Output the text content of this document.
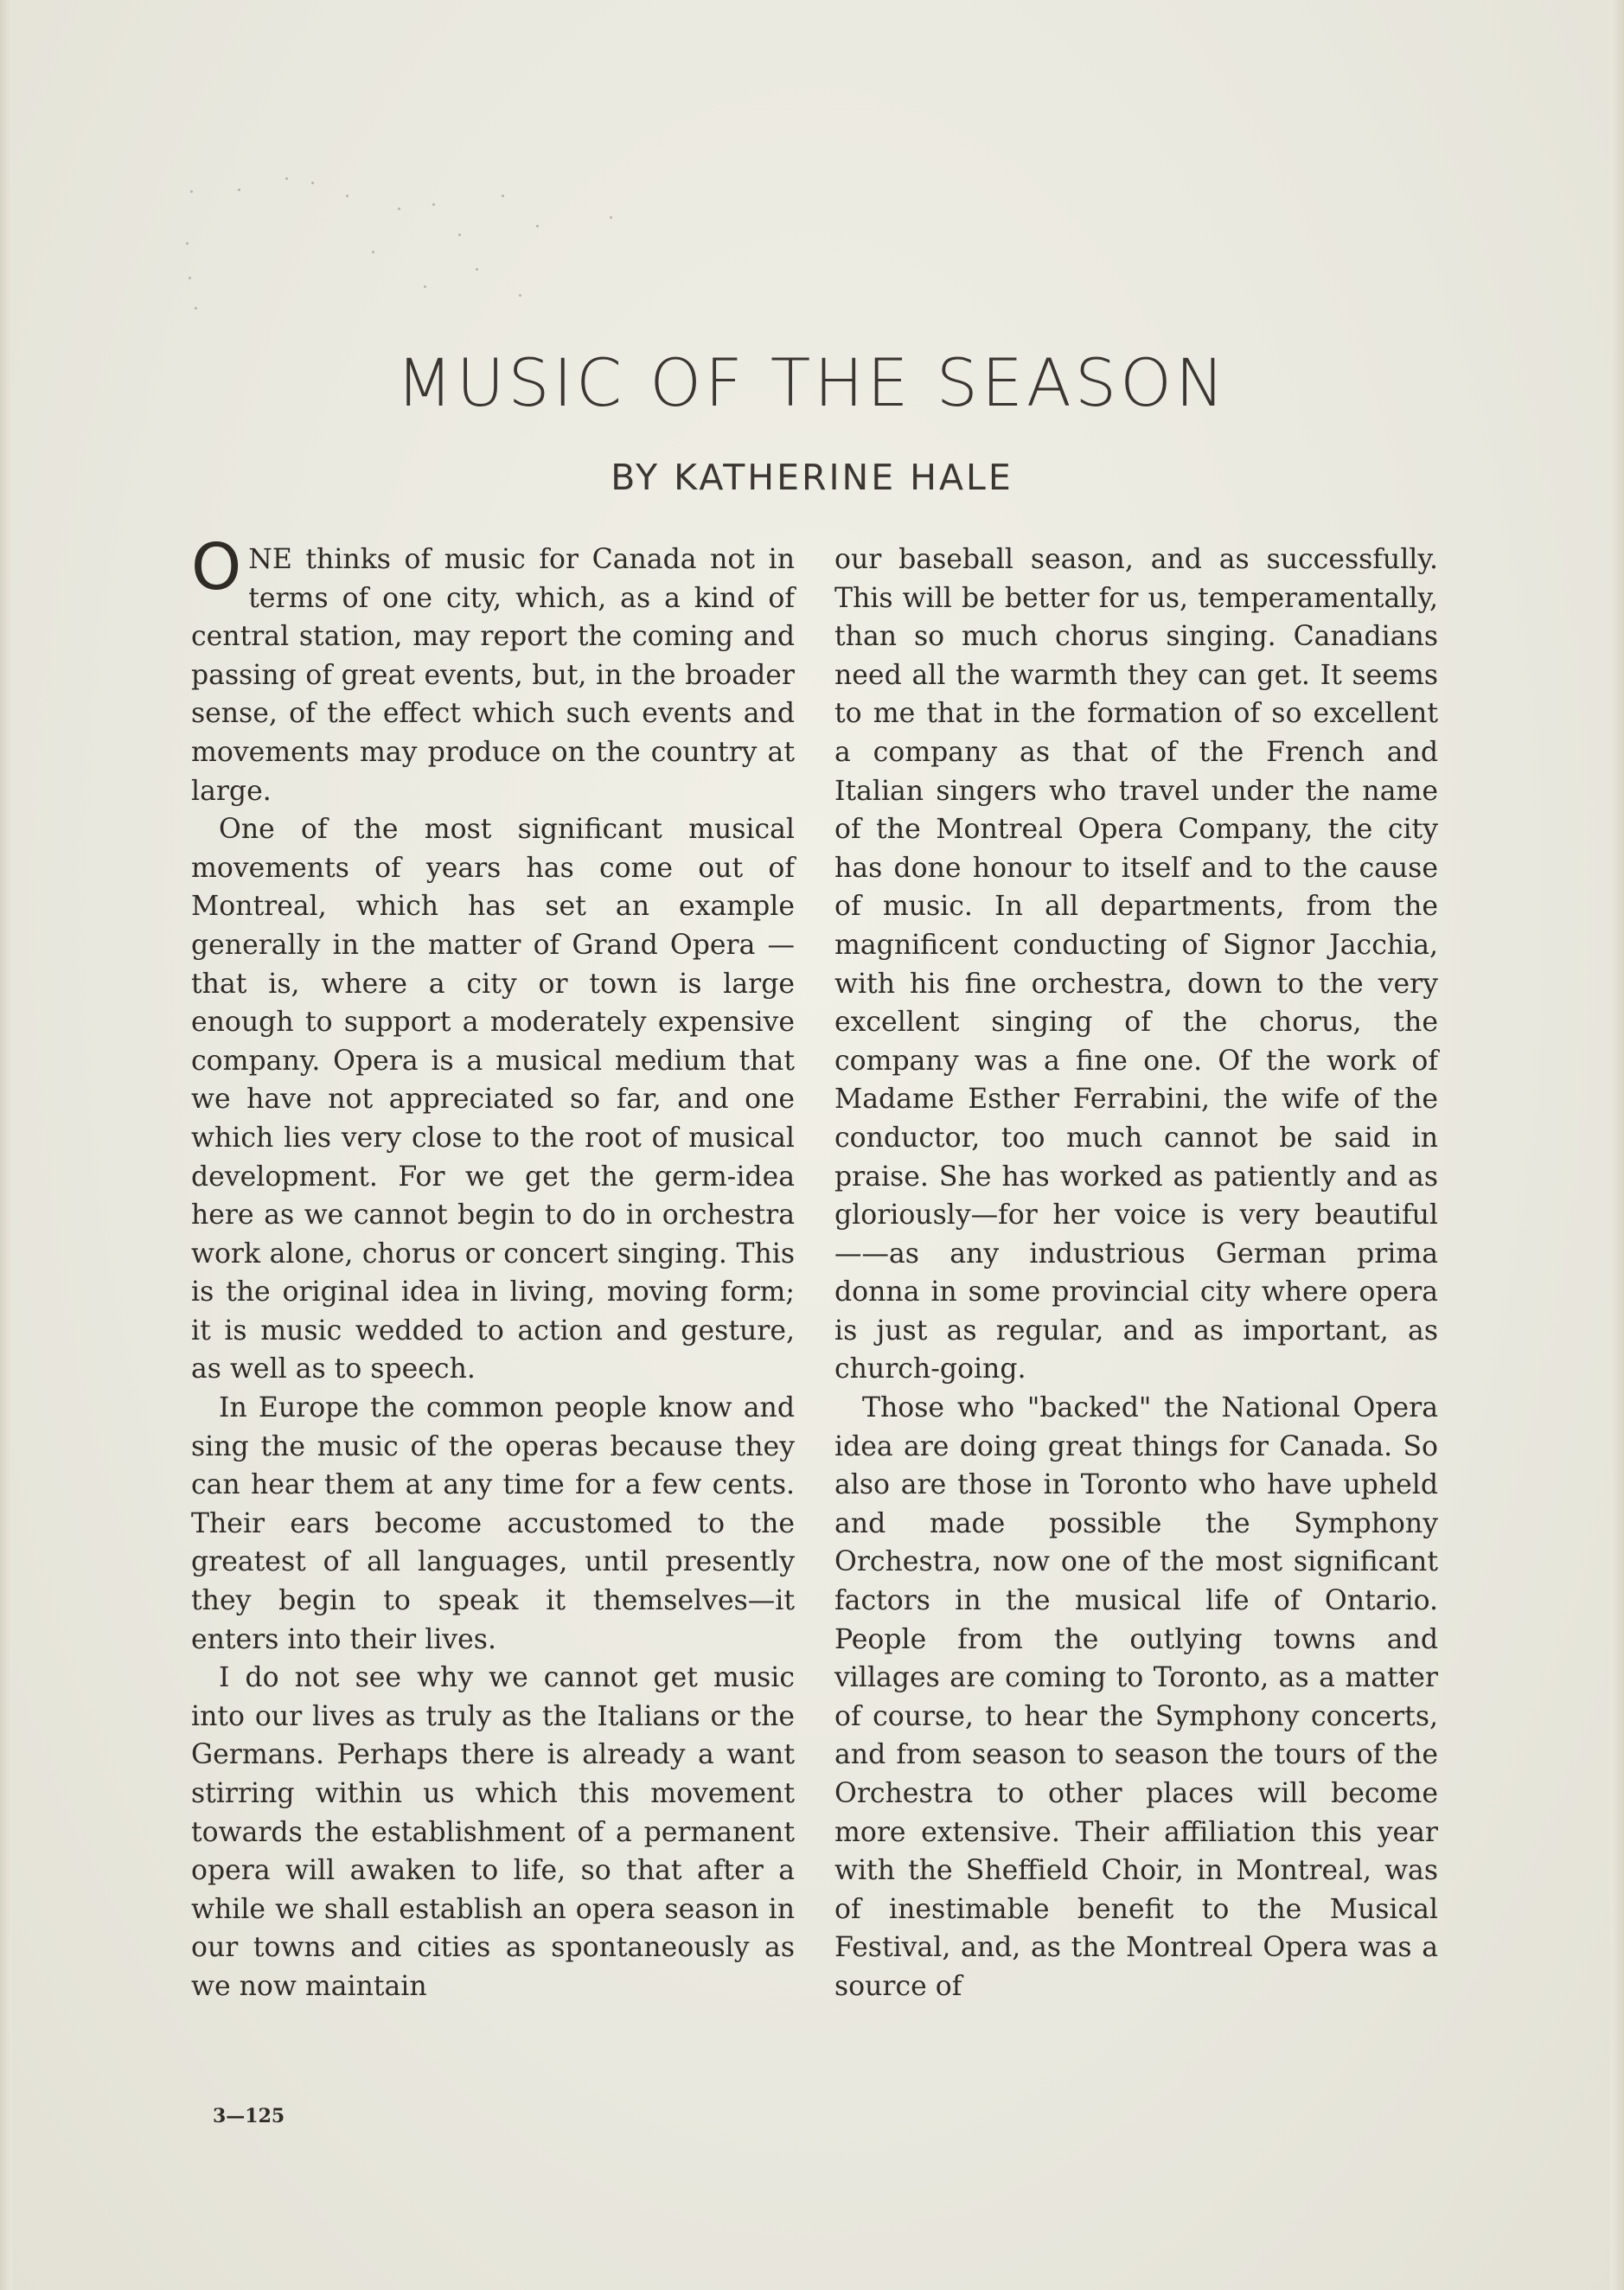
MUSIC OF THE SEASON
BY KATHERINE HALE

ONE thinks of music for Canada not in terms of one city, which, as a kind of central station, may report the coming and passing of great events, but, in the broader sense, of the effect which such events and movements may produce on the country at large.

One of the most significant musical movements of years has come out of Montreal, which has set an example generally in the matter of Grand Opera —that is, where a city or town is large enough to support a moderately expensive company. Opera is a musical medium that we have not appreciated so far, and one which lies very close to the root of musical development. For we get the germ-idea here as we cannot begin to do in orchestra work alone, chorus or concert singing. This is the original idea in living, moving form; it is music wedded to action and gesture, as well as to speech.

In Europe the common people know and sing the music of the operas because they can hear them at any time for a few cents. Their ears become accustomed to the greatest of all languages, until presently they begin to speak it themselves—it enters into their lives.

I do not see why we cannot get music into our lives as truly as the Italians or the Germans. Perhaps there is already a want stirring within us which this movement towards the establishment of a permanent opera will awaken to life, so that after a while we shall establish an opera season in our towns and cities as spontaneously as we now maintain

our baseball season, and as successfully. This will be better for us, temperamentally, than so much chorus singing. Canadians need all the warmth they can get. It seems to me that in the formation of so excellent a company as that of the French and Italian singers who travel under the name of the Montreal Opera Company, the city has done honour to itself and to the cause of music. In all departments, from the magnificent conducting of Signor Jacchia, with his fine orchestra, down to the very excellent singing of the chorus, the company was a fine one. Of the work of Madame Esther Ferrabini, the wife of the conductor, too much cannot be said in praise. She has worked as patiently and as gloriously—for her voice is very beautiful——as any industrious German prima donna in some provincial city where opera is just as regular, and as important, as church-going.

Those who "backed" the National Opera idea are doing great things for Canada. So also are those in Toronto who have upheld and made possible the Symphony Orchestra, now one of the most significant factors in the musical life of Ontario. People from the outlying towns and villages are coming to Toronto, as a matter of course, to hear the Symphony concerts, and from season to season the tours of the Orchestra to other places will become more extensive. Their affiliation this year with the Sheffield Choir, in Montreal, was of inestimable benefit to the Musical Festival, and, as the Montreal Opera was a source of

3—125
